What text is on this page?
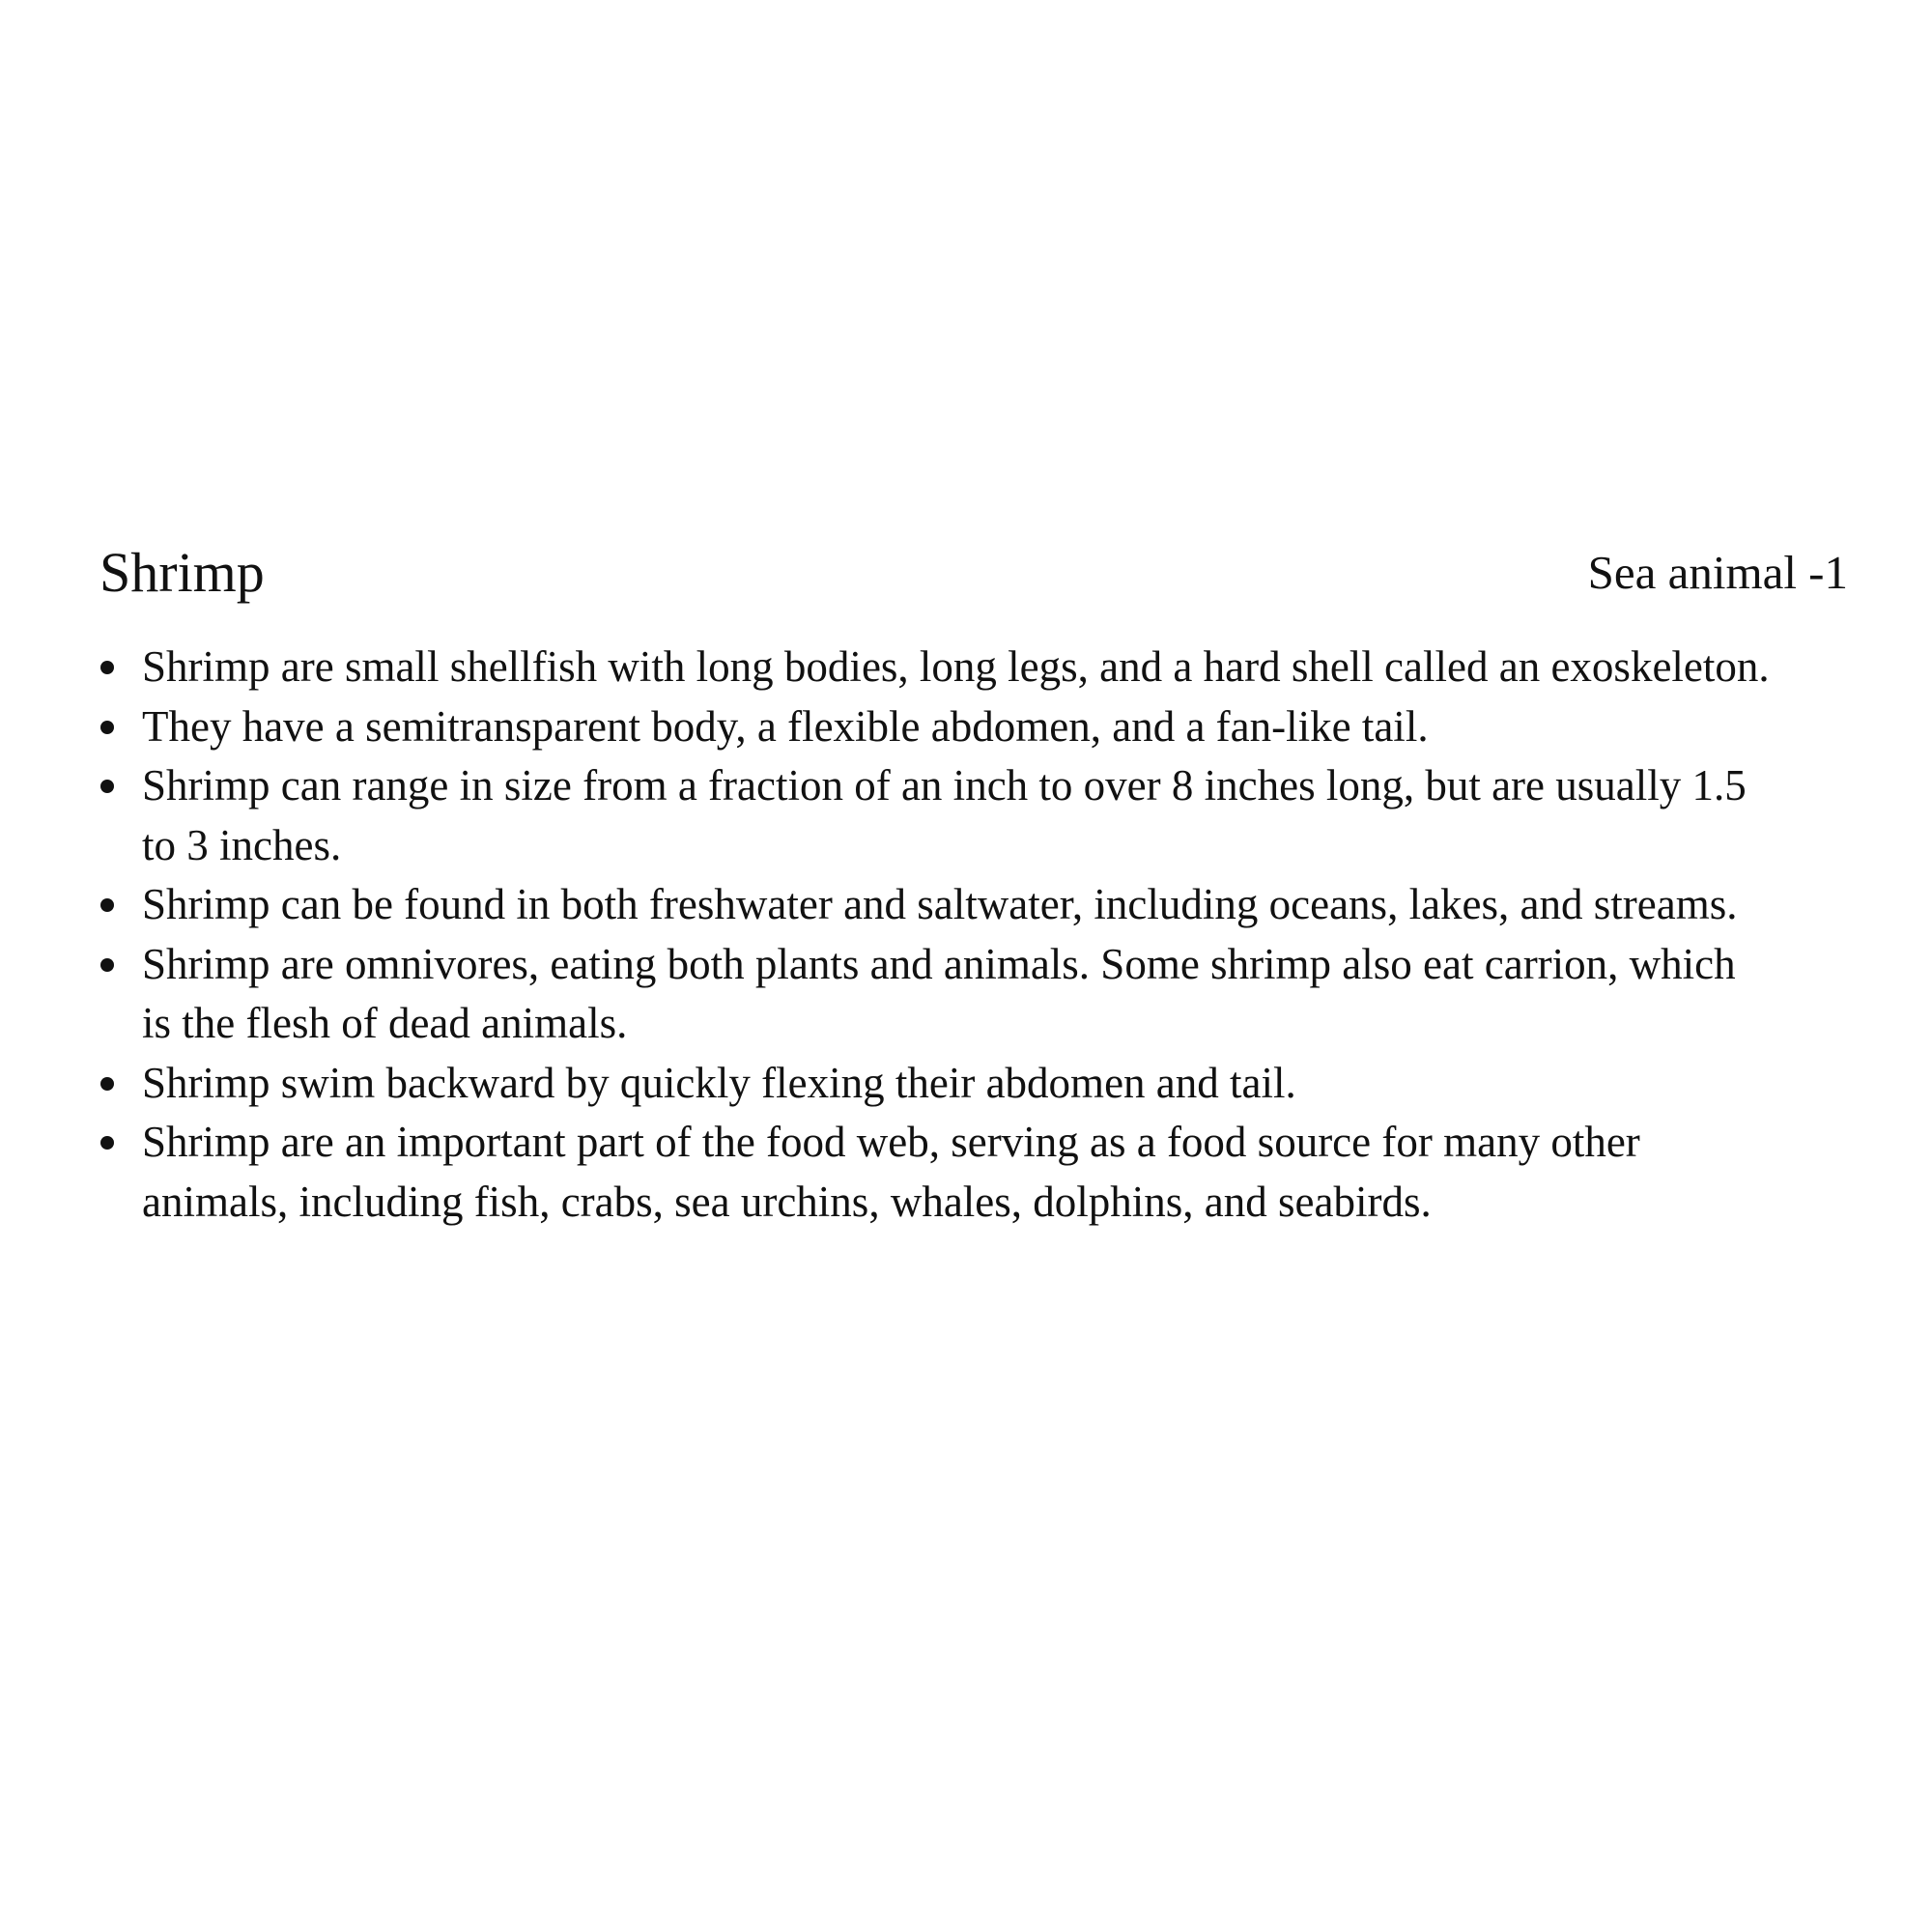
Shrimp	Sea animal -1
Shrimp are small shellfish with long bodies, long legs, and a hard shell called an exoskeleton.
They have a semitransparent body, a flexible abdomen, and a fan-like tail.
Shrimp can range in size from a fraction of an inch to over 8 inches long, but are usually 1.5
to 3 inches.
Shrimp can be found in both freshwater and saltwater, including oceans, lakes, and streams.
Shrimp are omnivores, eating both plants and animals. Some shrimp also eat carrion, which
is the flesh of dead animals.
Shrimp swim backward by quickly flexing their abdomen and tail.
Shrimp are an important part of the food web, serving as a food source for many other
animals, including fish, crabs, sea urchins, whales, dolphins, and seabirds.
